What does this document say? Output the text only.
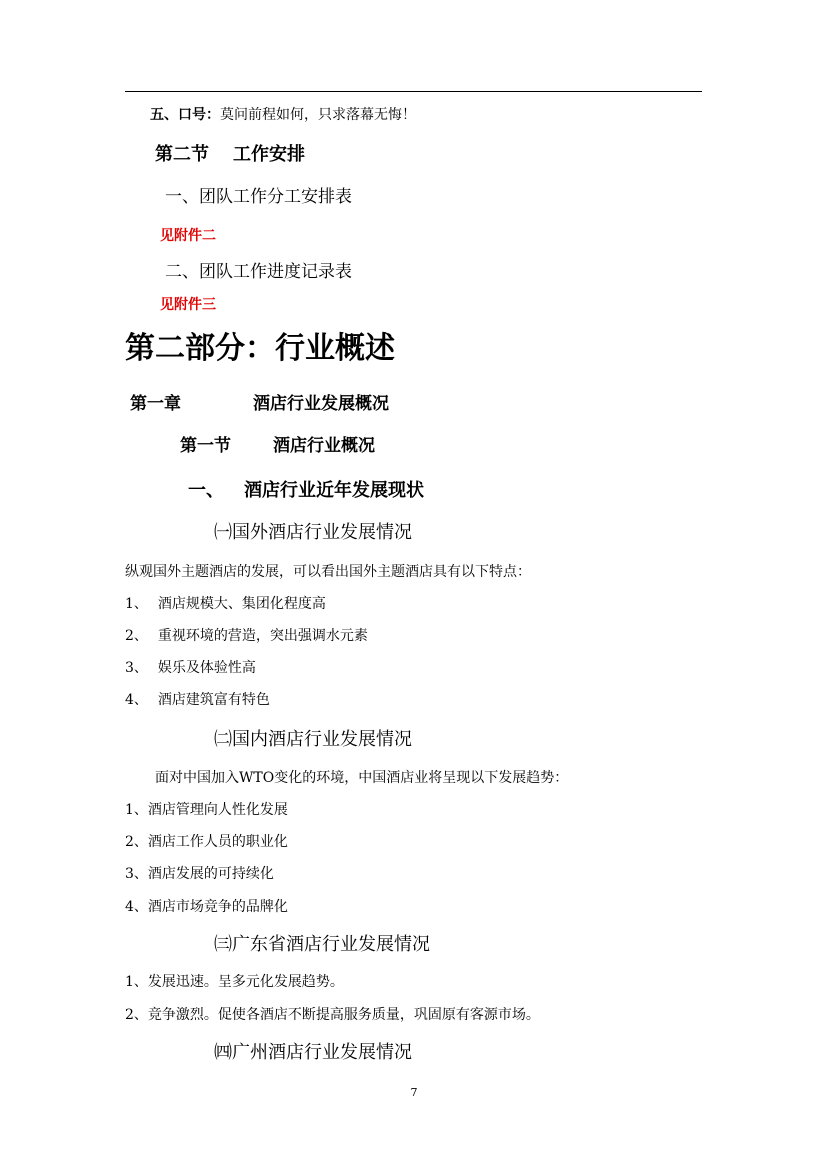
五、口号：莫问前程如何，只求落幕无悔！
第二节 工作安排
一、团队工作分工安排表
见附件二
二、团队工作进度记录表
见附件三
第二部分：行业概述
第一章	酒店行业发展概况
第一节 酒店行业概况
一、 酒店行业近年发展现状
㈠国外酒店行业发展情况
纵观国外主题酒店的发展，可以看出国外主题酒店具有以下特点：
1、 酒店规模大、集团化程度高
2、 重视环境的营造，突出强调水元素
3、 娱乐及体验性高
4、 酒店建筑富有特色
㈡国内酒店行业发展情况
面对中国加入WTO变化的环境，中国酒店业将呈现以下发展趋势：
1、酒店管理向人性化发展
2、酒店工作人员的职业化
3、酒店发展的可持续化
4、酒店市场竞争的品牌化
㈢广东省酒店行业发展情况
1、发展迅速。呈多元化发展趋势。
2、竞争激烈。促使各酒店不断提高服务质量，巩固原有客源市场。
㈣广州酒店行业发展情况
7
